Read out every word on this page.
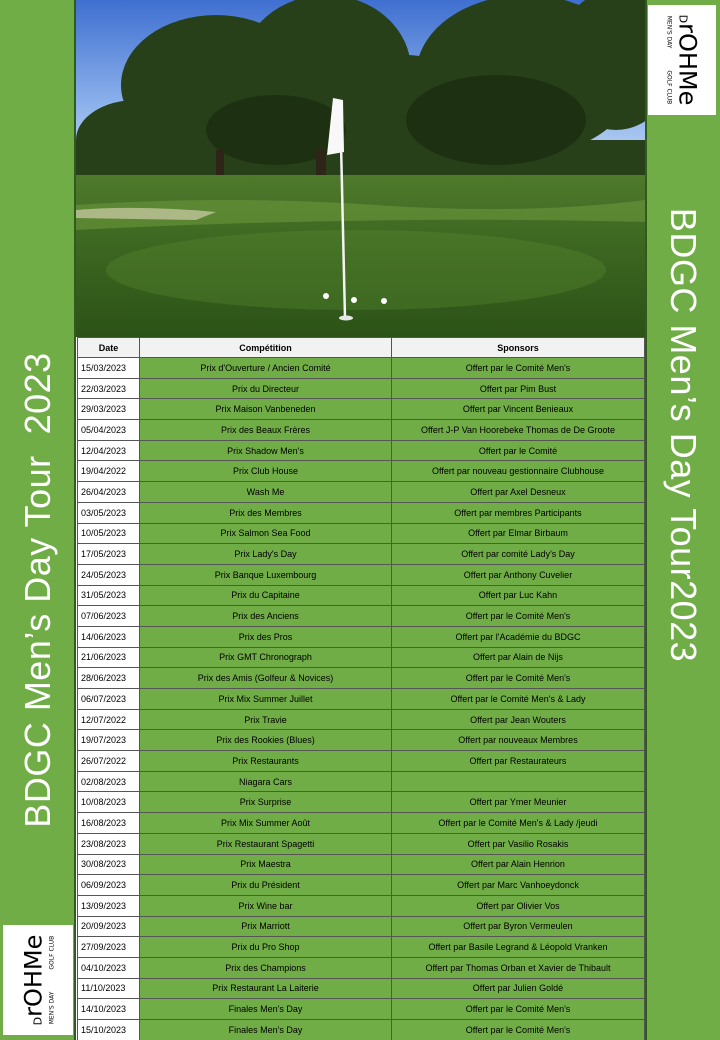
BDGC Men’s Day Tour  2023	BDGC Men’s Day Tour2023
DrOHMe
MEN'S DAY
GOLF CLUB
DrOHMe MEN'S DAY
GOLF CLUB
Date	Compétition	Sponsors
15/03/2023	Prix d'Ouverture / Ancien Comité	Offert par le Comité Men's
22/03/2023	Prix du Directeur	Offert par Pim Bust
29/03/2023	Prix Maison Vanbeneden	Offert par Vincent Benieaux
05/04/2023	Prix des Beaux Frères	Offert J-P Van Hoorebeke Thomas de De Groote
12/04/2023	Prix Shadow Men's	Offert par le Comité
19/04/2022	Prix Club House	Offert par nouveau gestionnaire Clubhouse
26/04/2023	Wash Me	Offert par Axel Desneux
03/05/2023	Prix des Membres	Offert par membres Participants
10/05/2023	Prix Salmon Sea Food	Offert par Elmar Birbaum
17/05/2023	Prix Lady's Day	Offert par comité Lady's Day
24/05/2023	Prix Banque Luxembourg	Offert par Anthony Cuvelier
31/05/2023	Prix du Capitaine	Offert par Luc Kahn
07/06/2023	Prix des Anciens	Offert par le Comité Men's
14/06/2023	Prix des Pros	Offert par l'Académie du BDGC
21/06/2023	Prix GMT Chronograph	Offert par Alain de Nijs
28/06/2023	Prix des Amis (Golfeur & Novices)	Offert par le Comité Men's
06/07/2023	Prix Mix Summer Juillet	Offert par le Comité Men's & Lady
12/07/2022	Prix Travie	Offert par Jean Wouters
19/07/2023	Prix des Rookies (Blues)	Offert par nouveaux Membres
26/07/2022	Prix Restaurants	Offert par Restaurateurs
02/08/2023	Niagara Cars	
10/08/2023	Prix Surprise	Offert par Ymer Meunier
16/08/2023	Prix Mix Summer Août	Offert par le Comité Men's & Lady /jeudi
23/08/2023	Prix Restaurant Spagetti	Offert par Vasilio Rosakis
30/08/2023	Prix Maestra	Offert par Alain Henrion
06/09/2023	Prix du Président	Offert par Marc Vanhoeydonck
13/09/2023	Prix Wine bar	Offert par Olivier Vos
20/09/2023	Prix Marriott	Offert par Byron Vermeulen
27/09/2023	Prix du Pro Shop	Offert par Basile Legrand & Léopold Vranken
04/10/2023	Prix des Champions	Offert par Thomas Orban et Xavier de Thibault
11/10/2023	Prix Restaurant La Laiterie	Offert par Julien Goldé
14/10/2023	Finales Men's Day	Offert par le Comité Men's
15/10/2023	Finales Men's Day	Offert par le Comité Men's
